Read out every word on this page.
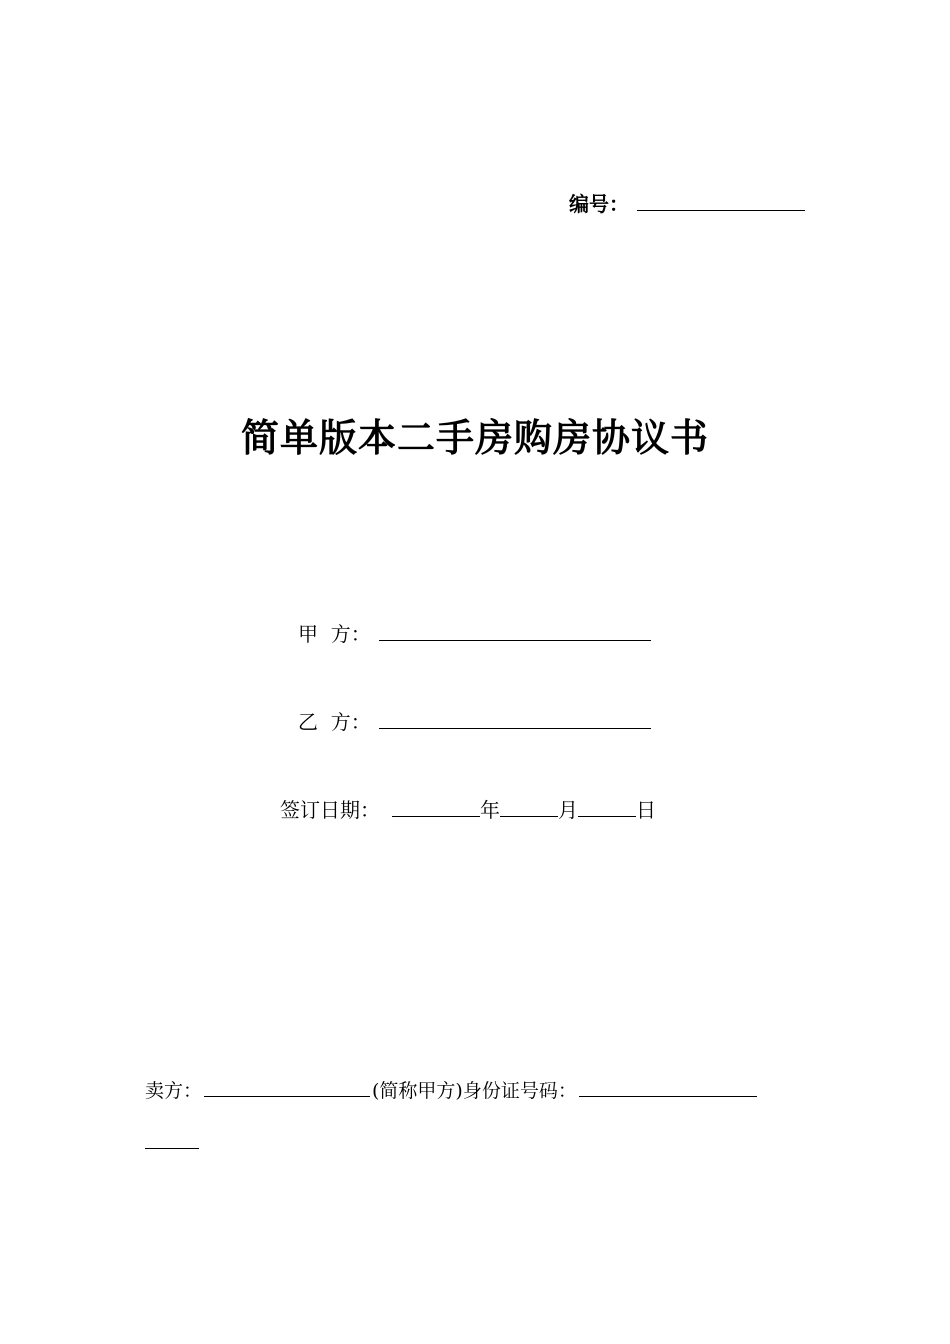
编号：
简单版本二手房购房协议书
甲  方：
乙  方：
签订日期：	年	月	日
卖方：	(简称甲方)身份证号码：
